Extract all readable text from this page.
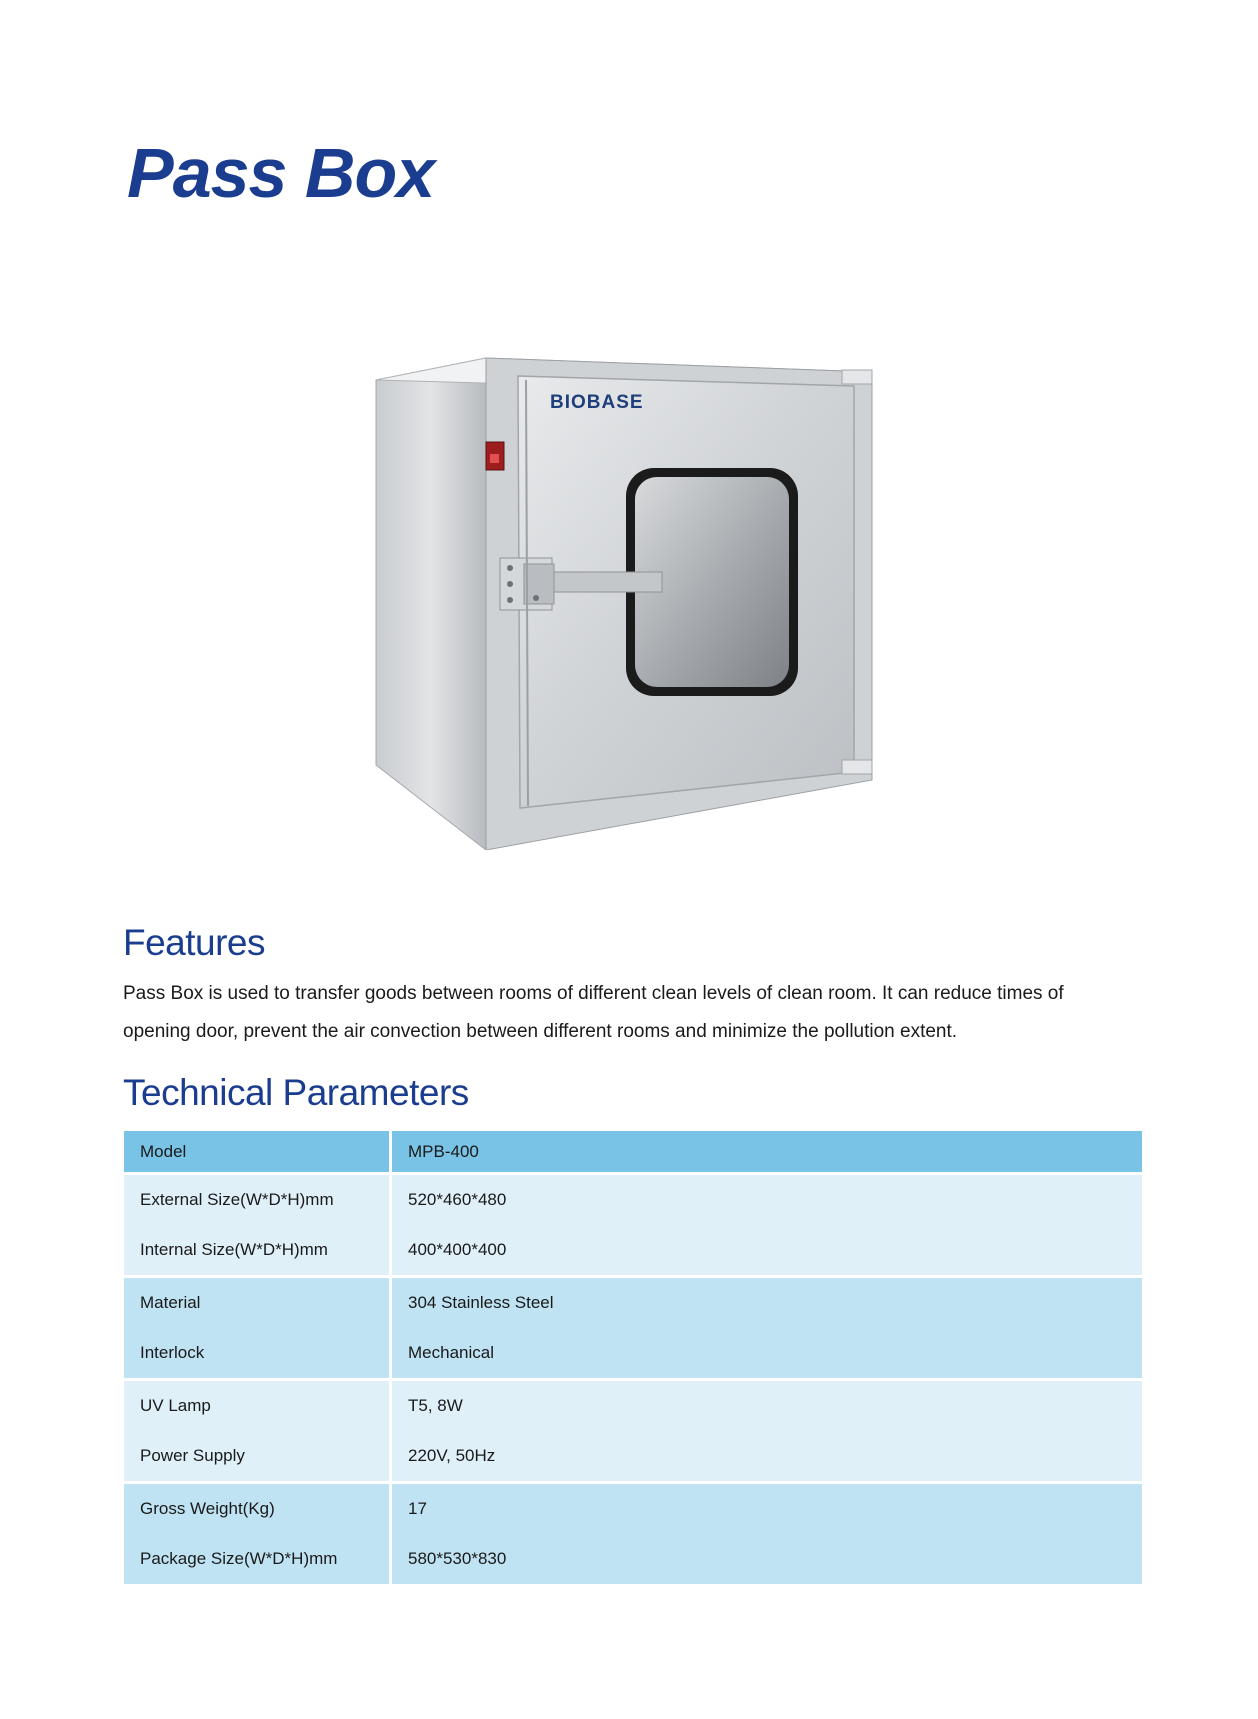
Pass Box
BIOBASE
Features

Pass Box is used to transfer goods between rooms of different clean levels of clean room. It can reduce times of opening door, prevent the air convection between different rooms and minimize the pollution extent.

Technical Parameters
Model	MPB-400
External Size(W*D*H)mm	520*460*480
Internal Size(W*D*H)mm	400*400*400
Material	304 Stainless Steel
Interlock	Mechanical
UV Lamp	T5, 8W
Power Supply	220V, 50Hz
Gross Weight(Kg)	17
Package Size(W*D*H)mm	580*530*830
